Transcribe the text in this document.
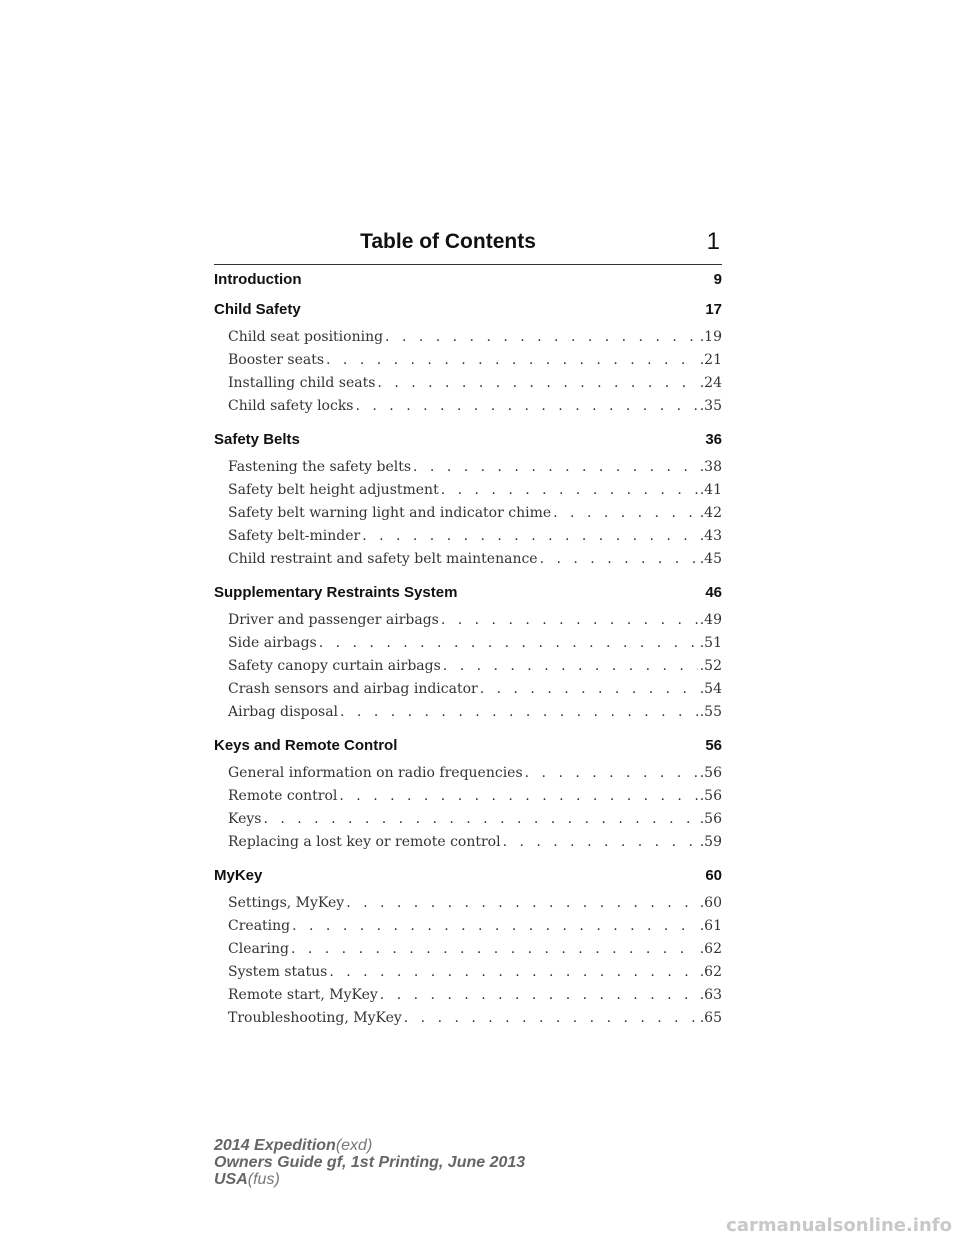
Table of Contents	1
Introduction	9
Child Safety	17
Child seat positioning . . .	.19
Booster seats . . .	.21
Installing child seats . . .	.24
Child safety locks . . .	.35
Safety Belts	36
Fastening the safety belts . . .	.38
Safety belt height adjustment . . .	.41
Safety belt warning light and indicator chime . . .	.42
Safety belt-minder . . .	.43
Child restraint and safety belt maintenance . . .	.45
Supplementary Restraints System	46
Driver and passenger airbags . . .	.49
Side airbags . . .	.51
Safety canopy curtain airbags . . .	.52
Crash sensors and airbag indicator . . .	.54
Airbag disposal . . .	.55
Keys and Remote Control	56
General information on radio frequencies . . .	.56
Remote control . . .	.56
Keys . . .	.56
Replacing a lost key or remote control . . .	.59
MyKey	60
Settings, MyKey . . .	.60
Creating . . .	.61
Clearing . . .	.62
System status . . .	.62
Remote start, MyKey . . .	.63
Troubleshooting, MyKey . . .	.65
2014 Expedition(exd)
Owners Guide gf, 1st Printing, June 2013
USA(fus)
carmanualsonline.info
